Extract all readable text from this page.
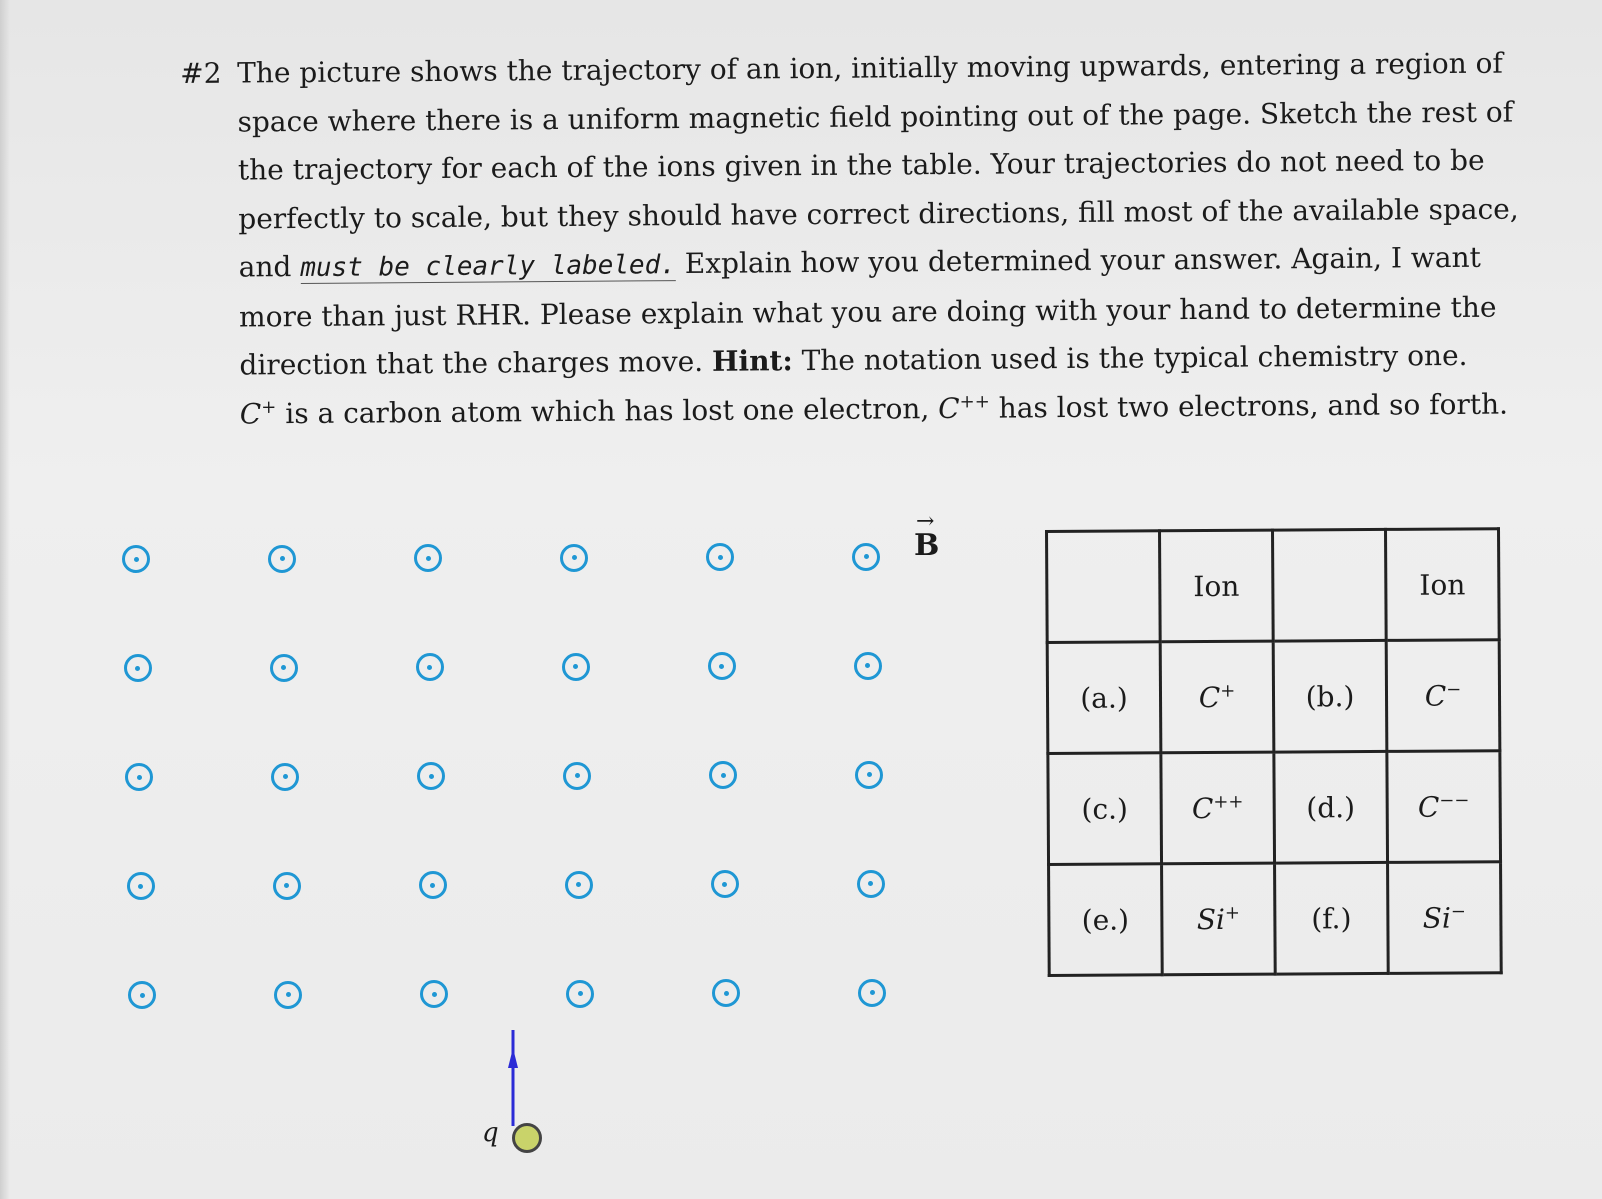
#2 The picture shows the trajectory of an ion, initially moving upwards, entering a region of
space where there is a uniform magnetic field pointing out of the page. Sketch the rest of
the trajectory for each of the ions given in the table. Your trajectories do not need to be
perfectly to scale, but they should have correct directions, fill most of the available space,
and must be clearly labeled. Explain how you determined your answer. Again, I want
more than just RHR. Please explain what you are doing with your hand to determine the
direction that the charges move. Hint: The notation used is the typical chemistry one.
C+ is a carbon atom which has lost one electron, C++ has lost two electrons, and so forth.
→
B
q
	Ion		Ion
(a.)	C+	(b.)	C−
(c.)	C++	(d.)	C−−
(e.)	Si+	(f.)	Si−
